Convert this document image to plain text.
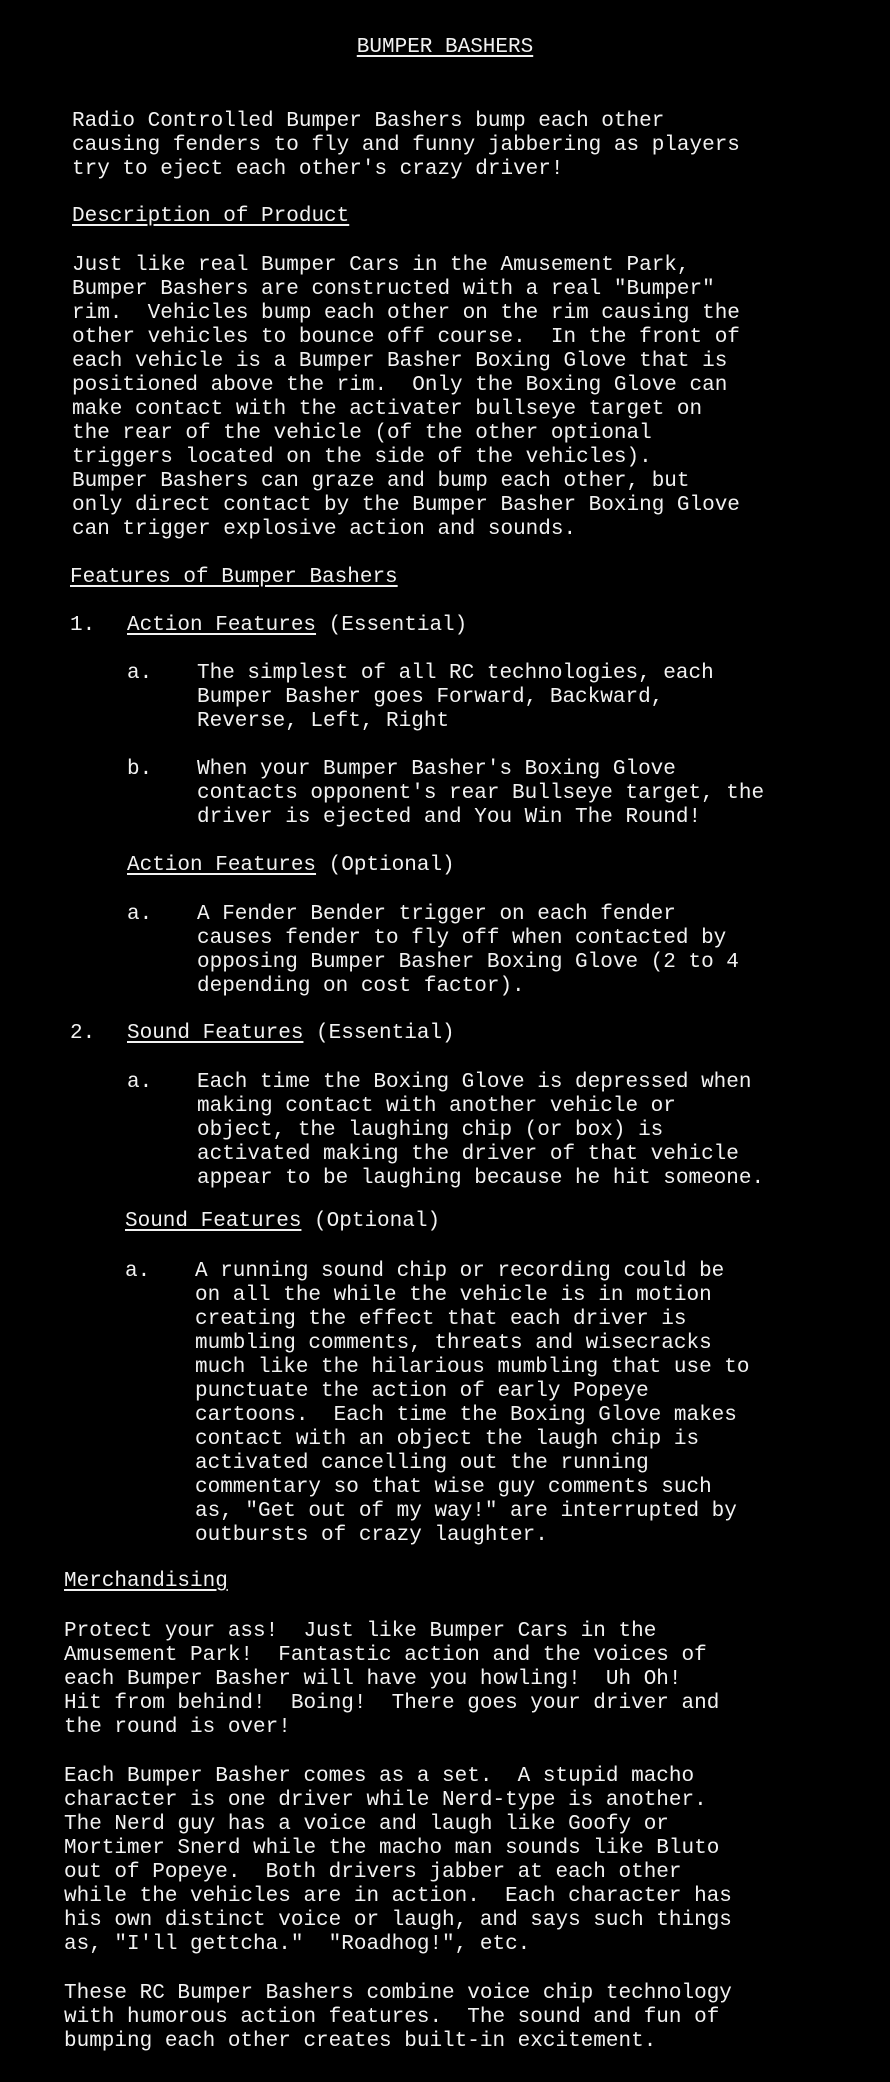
BUMPER BASHERS
Radio Controlled Bumper Bashers bump each other
causing fenders to fly and funny jabbering as players
try to eject each other's crazy driver!
Description of Product
Just like real Bumper Cars in the Amusement Park,
Bumper Bashers are constructed with a real "Bumper"
rim.  Vehicles bump each other on the rim causing the
other vehicles to bounce off course.  In the front of
each vehicle is a Bumper Basher Boxing Glove that is
positioned above the rim.  Only the Boxing Glove can
make contact with the activater bullseye target on
the rear of the vehicle (of the other optional
triggers located on the side of the vehicles).
Bumper Bashers can graze and bump each other, but
only direct contact by the Bumper Basher Boxing Glove
can trigger explosive action and sounds.
Features of Bumper Bashers
1. Action Features (Essential)
a. The simplest of all RC technologies, each
Bumper Basher goes Forward, Backward,
Reverse, Left, Right
b. When your Bumper Basher's Boxing Glove
contacts opponent's rear Bullseye target, the
driver is ejected and You Win The Round!
Action Features (Optional)
a. A Fender Bender trigger on each fender
causes fender to fly off when contacted by
opposing Bumper Basher Boxing Glove (2 to 4
depending on cost factor).
2. Sound Features (Essential)
a. Each time the Boxing Glove is depressed when
making contact with another vehicle or
object, the laughing chip (or box) is
activated making the driver of that vehicle
appear to be laughing because he hit someone.
Sound Features (Optional)
a. A running sound chip or recording could be
on all the while the vehicle is in motion
creating the effect that each driver is
mumbling comments, threats and wisecracks
much like the hilarious mumbling that use to
punctuate the action of early Popeye
cartoons.  Each time the Boxing Glove makes
contact with an object the laugh chip is
activated cancelling out the running
commentary so that wise guy comments such
as, "Get out of my way!" are interrupted by
outbursts of crazy laughter.
Merchandising
Protect your ass!  Just like Bumper Cars in the
Amusement Park!  Fantastic action and the voices of
each Bumper Basher will have you howling!  Uh Oh!
Hit from behind!  Boing!  There goes your driver and
the round is over!
Each Bumper Basher comes as a set.  A stupid macho
character is one driver while Nerd-type is another.
The Nerd guy has a voice and laugh like Goofy or
Mortimer Snerd while the macho man sounds like Bluto
out of Popeye.  Both drivers jabber at each other
while the vehicles are in action.  Each character has
his own distinct voice or laugh, and says such things
as, "I'll gettcha."  "Roadhog!", etc.
These RC Bumper Bashers combine voice chip technology
with humorous action features.  The sound and fun of
bumping each other creates built-in excitement.
